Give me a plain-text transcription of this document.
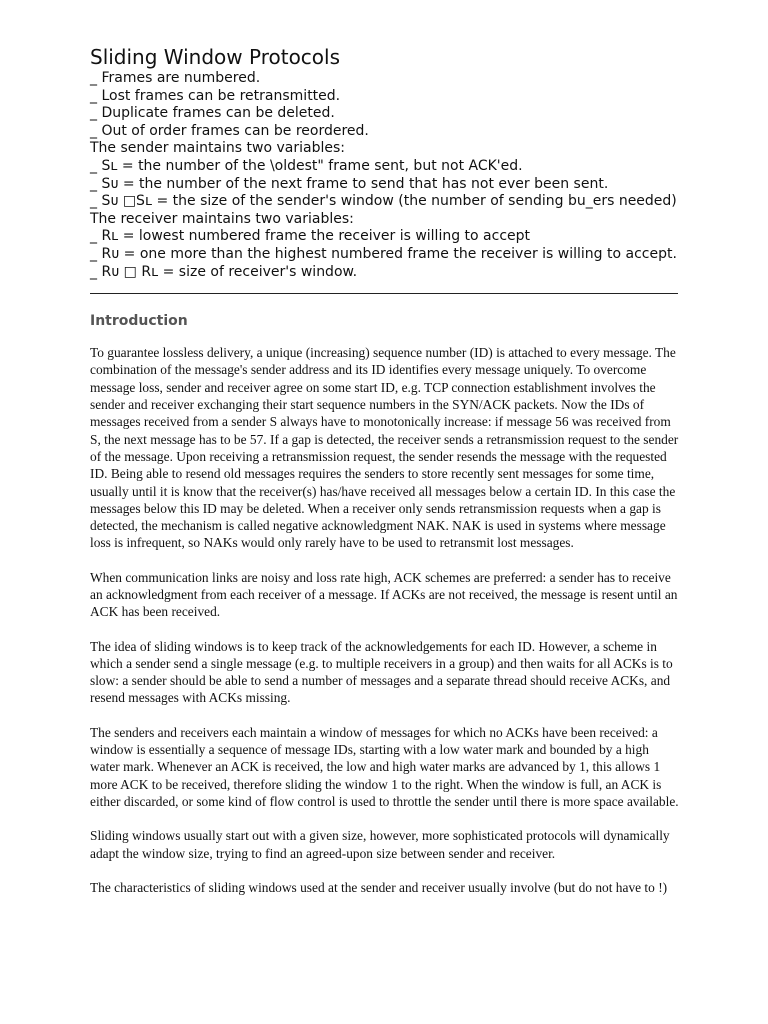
Sliding Window Protocols
_ Frames are numbered.
_ Lost frames can be retransmitted.
_ Duplicate frames can be deleted.
_ Out of order frames can be reordered.
The sender maintains two variables:
_ Sʟ = the number of the \oldest" frame sent, but not ACK'ed.
_ Sᴜ = the number of the next frame to send that has not ever been sent.
_ Sᴜ □Sʟ = the size of the sender's window (the number of sending bu_ers needed)
The receiver maintains two variables:
_ Rʟ = lowest numbered frame the receiver is willing to accept
_ Rᴜ = one more than the highest numbered frame the receiver is willing to accept.
_ Rᴜ □ Rʟ = size of receiver's window.
Introduction

To guarantee lossless delivery, a unique (increasing) sequence number (ID) is attached to every message. The combination of the message's sender address and its ID identifies every message uniquely. To overcome message loss, sender and receiver agree on some start ID, e.g. TCP connection establishment involves the sender and receiver exchanging their start sequence numbers in the SYN/ACK packets. Now the IDs of messages received from a sender S always have to monotonically increase: if message 56 was received from S, the next message has to be 57. If a gap is detected, the receiver sends a retransmission request to the sender of the message. Upon receiving a retransmission request, the sender resends the message with the requested ID. Being able to resend old messages requires the senders to store recently sent messages for some time, usually until it is know that the receiver(s) has/have received all messages below a certain ID. In this case the messages below this ID may be deleted. When a receiver only sends retransmission requests when a gap is detected, the mechanism is called negative acknowledgment NAK. NAK is used in systems where message loss is infrequent, so NAKs would only rarely have to be used to retransmit lost messages.

When communication links are noisy and loss rate high, ACK schemes are preferred: a sender has to receive an acknowledgment from each receiver of a message. If ACKs are not received, the message is resent until an ACK has been received.

The idea of sliding windows is to keep track of the acknowledgements for each ID. However, a scheme in which a sender send a single message (e.g. to multiple receivers in a group) and then waits for all ACKs is to slow: a sender should be able to send a number of messages and a separate thread should receive ACKs, and resend messages with ACKs missing.

The senders and receivers each maintain a window of messages for which no ACKs have been received: a window is essentially a sequence of message IDs, starting with a low water mark and bounded by a high water mark. Whenever an ACK is received, the low and high water marks are advanced by 1, this allows 1 more ACK to be received, therefore sliding the window 1 to the right. When the window is full, an ACK is either discarded, or some kind of flow control is used to throttle the sender until there is more space available.

Sliding windows usually start out with a given size, however, more sophisticated protocols will dynamically adapt the window size, trying to find an agreed-upon size between sender and receiver.

The characteristics of sliding windows used at the sender and receiver usually involve (but do not have to !)
